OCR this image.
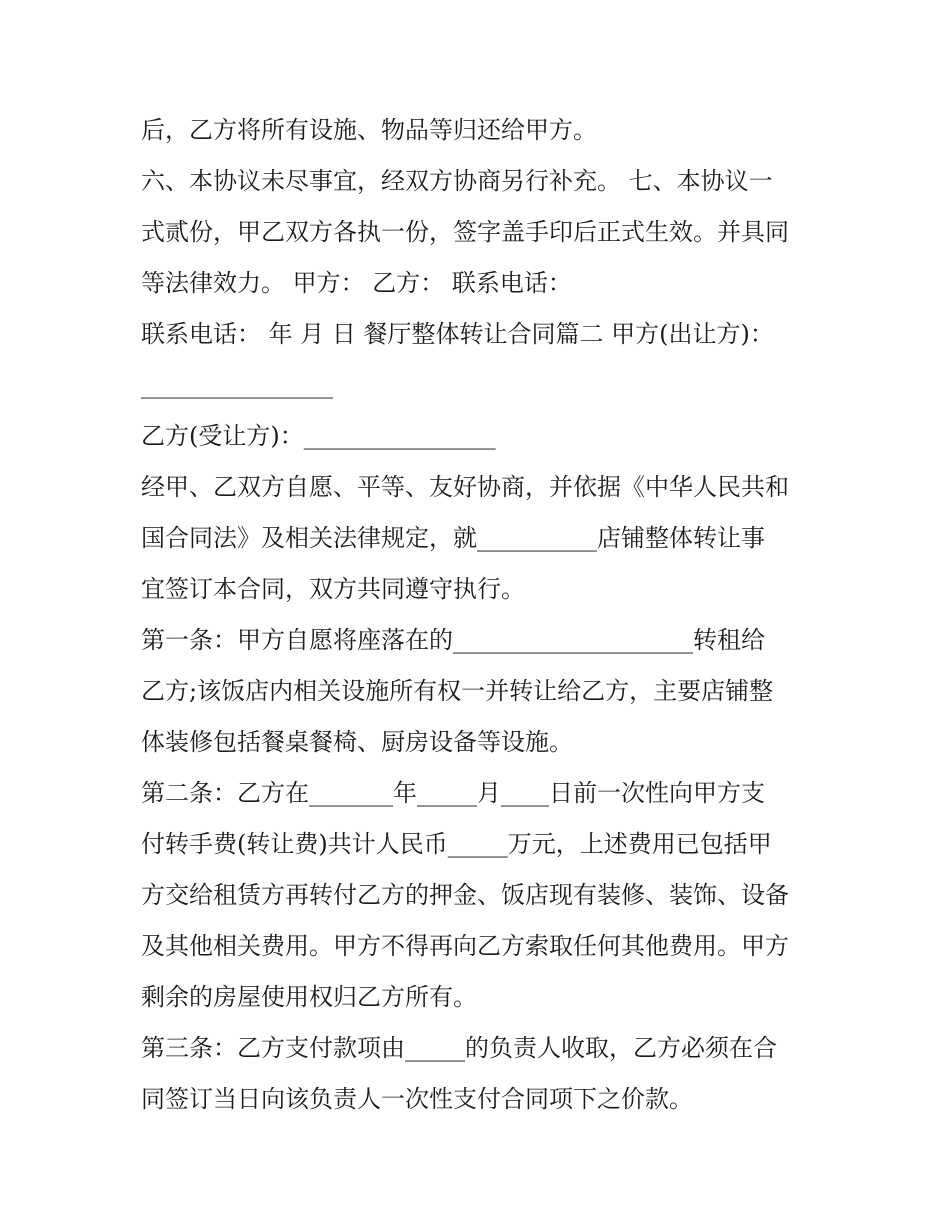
后，乙方将所有设施、物品等归还给甲方。
六、本协议未尽事宜，经双方协商另行补充。 七、本协议一
式贰份，甲乙双方各执一份，签字盖手印后正式生效。并具同
等法律效力。 甲方： 乙方： 联系电话：
联系电话： 年 月 日 餐厅整体转让合同篇二 甲方(出让方)：
________________
乙方(受让方)：________________
经甲、乙双方自愿、平等、友好协商，并依据《中华人民共和
国合同法》及相关法律规定，就__________店铺整体转让事
宜签订本合同，双方共同遵守执行。
第一条：甲方自愿将座落在的____________________转租给
乙方;该饭店内相关设施所有权一并转让给乙方，主要店铺整
体装修包括餐桌餐椅、厨房设备等设施。
第二条：乙方在_______年_____月____日前一次性向甲方支
付转手费(转让费)共计人民币_____万元，上述费用已包括甲
方交给租赁方再转付乙方的押金、饭店现有装修、装饰、设备
及其他相关费用。甲方不得再向乙方索取任何其他费用。甲方
剩余的房屋使用权归乙方所有。
第三条：乙方支付款项由_____的负责人收取，乙方必须在合
同签订当日向该负责人一次性支付合同项下之价款。
